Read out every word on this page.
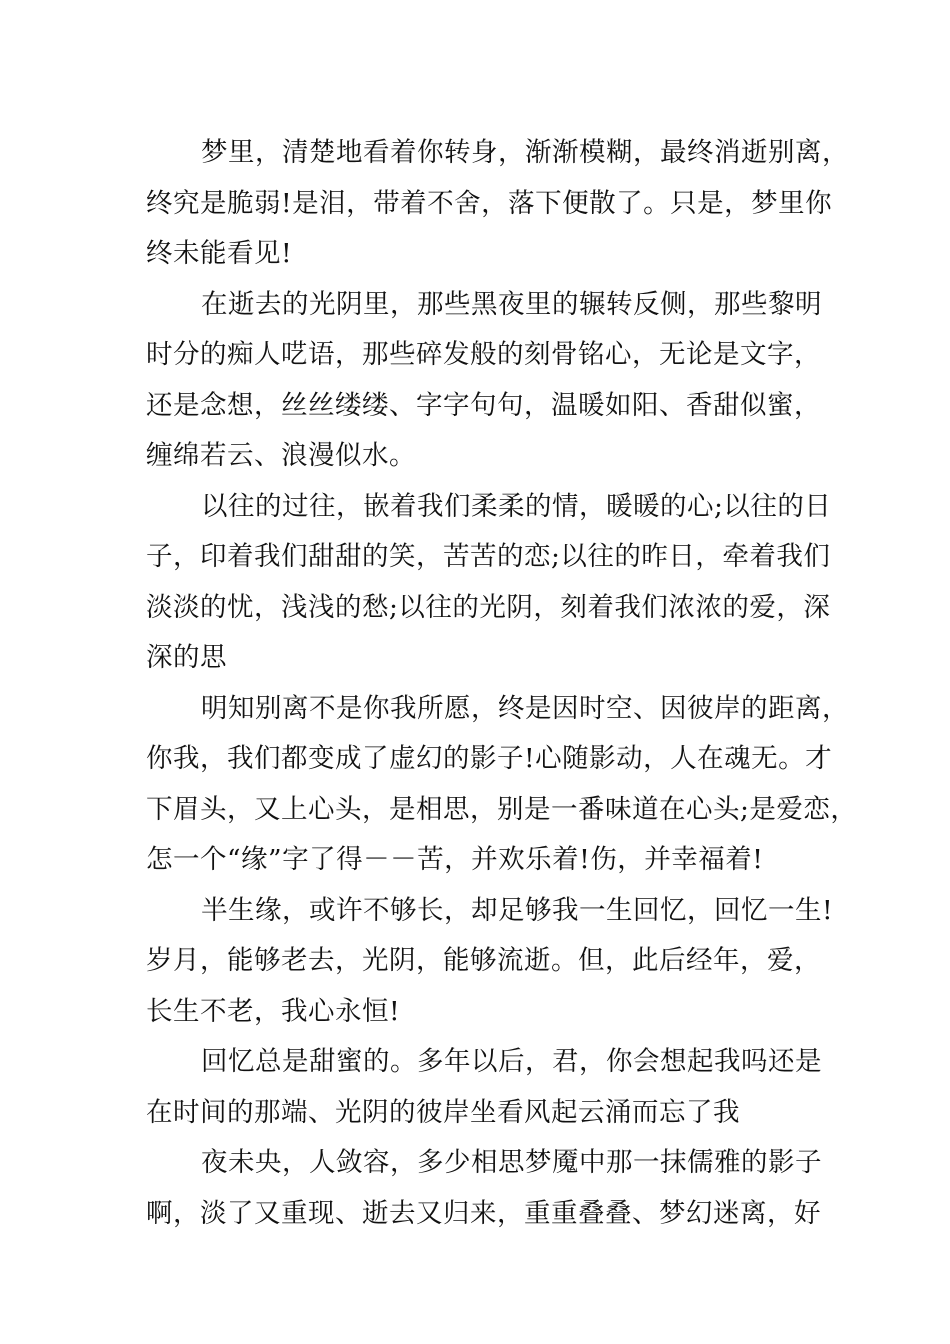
梦里，清楚地看着你转身，渐渐模糊，最终消逝别离，

终究是脆弱!是泪，带着不舍，落下便散了。只是，梦里你

终未能看见!

在逝去的光阴里，那些黑夜里的辗转反侧，那些黎明

时分的痴人呓语，那些碎发般的刻骨铭心，无论是文字，

还是念想，丝丝缕缕、字字句句，温暖如阳、香甜似蜜，

缠绵若云、浪漫似水。

以往的过往，嵌着我们柔柔的情，暖暖的心;以往的日

子，印着我们甜甜的笑，苦苦的恋;以往的昨日，牵着我们

淡淡的忧，浅浅的愁;以往的光阴，刻着我们浓浓的爱，深

深的思

明知别离不是你我所愿，终是因时空、因彼岸的距离，

你我，我们都变成了虚幻的影子!心随影动，人在魂无。才

下眉头，又上心头，是相思，别是一番味道在心头;是爱恋，

怎一个“缘”字了得－－苦，并欢乐着!伤，并幸福着!

半生缘，或许不够长，却足够我一生回忆，回忆一生!

岁月，能够老去，光阴，能够流逝。但，此后经年，爱，

长生不老，我心永恒!

回忆总是甜蜜的。多年以后，君，你会想起我吗还是

在时间的那端、光阴的彼岸坐看风起云涌而忘了我

夜未央，人敛容，多少相思梦魇中那一抹儒雅的影子

啊，淡了又重现、逝去又归来，重重叠叠、梦幻迷离，好
